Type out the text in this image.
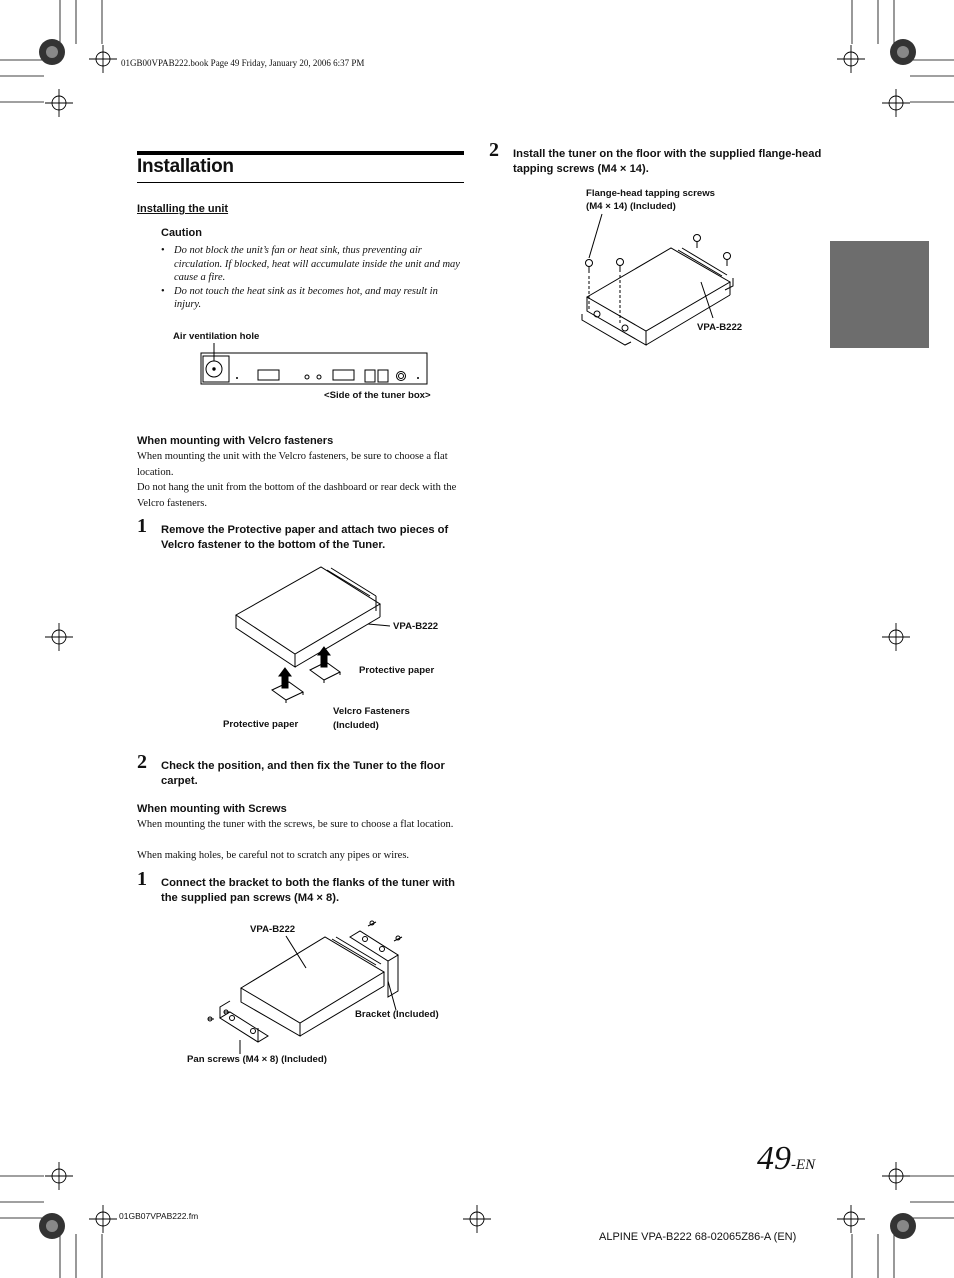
01GB00VPAB222.book Page 49 Friday, January 20, 2006 6:37 PM
Installation
Installing the unit
Caution
• Do not block the unit’s fan or heat sink, thus preventing air circulation. If blocked, heat will accumulate inside the unit and may cause a fire.
• Do not touch the heat sink as it becomes hot, and may result in injury.
Air ventilation hole
<Side of the tuner box>
When mounting with Velcro fasteners
When mounting the unit with the Velcro fasteners, be sure to choose a flat location.
Do not hang the unit from the bottom of the dashboard or rear deck with the Velcro fasteners.
1 Remove the Protective paper and attach two pieces of Velcro fastener to the bottom of the Tuner.
VPA-B222
Protective paper
Protective paper
Velcro Fasteners
(Included)
2 Check the position, and then fix the Tuner to the floor carpet.
When mounting with Screws
When mounting the tuner with the screws, be sure to choose a flat location.
When making holes, be careful not to scratch any pipes or wires.
1 Connect the bracket to both the flanks of the tuner with the supplied pan screws (M4 × 8).
VPA-B222
Bracket (Included)
Pan screws (M4 × 8) (Included)
2 Install the tuner on the floor with the supplied flange-head tapping screws (M4 × 14).
Flange-head tapping screws
(M4 × 14) (Included)
VPA-B222
49-EN
01GB07VPAB222.fm
ALPINE VPA-B222 68-02065Z86-A (EN)
